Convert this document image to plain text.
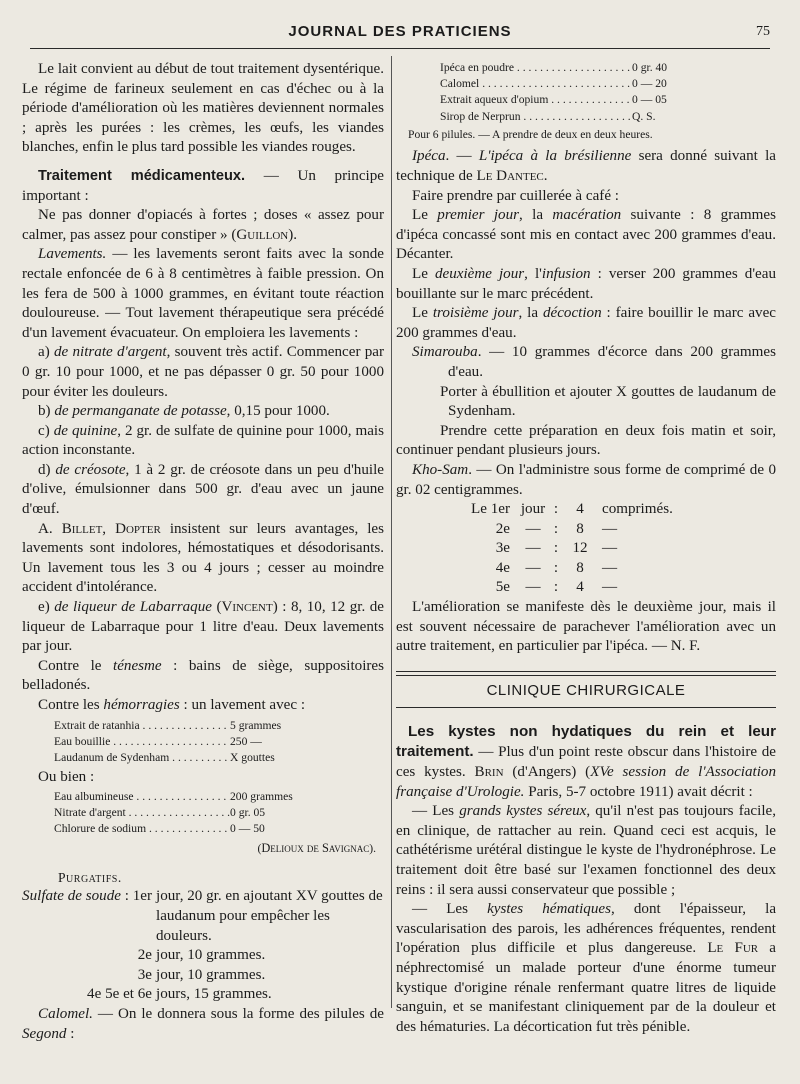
JOURNAL DES PRATICIENS	75

Le lait convient au début de tout traitement dysentérique. Le régime de farineux seulement en cas d'échec ou à la période d'amélioration où les matières deviennent normales ; après les purées : les crèmes, les œufs, les viandes blanches, enfin le plus tard possible les viandes rouges.

Traitement médicamenteux. — Un principe important :

Ne pas donner d'opiacés à fortes ; doses « assez pour calmer, pas assez pour constiper » (Guillon).

Lavements. — les lavements seront faits avec la sonde rectale enfoncée de 6 à 8 centimètres à faible pression. On les fera de 500 à 1000 grammes, en évitant toute réaction douloureuse. — Tout lavement thérapeutique sera précédé d'un lavement évacuateur. On emploiera les lavements :

a) de nitrate d'argent, souvent très actif. Commencer par 0 gr. 10 pour 1000, et ne pas dépasser 0 gr. 50 pour 1000 pour éviter les douleurs.

b) de permanganate de potasse, 0,15 pour 1000.

c) de quinine, 2 gr. de sulfate de quinine pour 1000, mais action inconstante.

d) de créosote, 1 à 2 gr. de créosote dans un peu d'huile d'olive, émulsionner dans 500 gr. d'eau avec un jaune d'œuf.

A. Billet, Dopter insistent sur leurs avantages, les lavements sont indolores, hémostatiques et désodorisants. Un lavement tous les 3 ou 4 jours ; cesser au moindre accident d'intolérance.

e) de liqueur de Labarraque (Vincent) : 8, 10, 12 gr. de liqueur de Labarraque pour 1 litre d'eau. Deux lavements par jour.

Contre le ténesme : bains de siège, suppositoires belladonés.

Contre les hémorragies : un lavement avec :

Extrait de ratanhia . . .	5 grammes
Eau bouillie . . .	250 —
Laudanum de Sydenham . . .	X gouttes
Ou bien :
Eau albumineuse . . .	200 grammes
Nitrate d'argent . . .	0 gr. 05
Chlorure de sodium . . .	0 — 50
(Delioux de Savignac).
Purgatifs.
Sulfate de soude : 1er jour, 20 gr. en ajoutant XV gouttes de laudanum pour empêcher les douleurs.
2e jour, 10 grammes.
3e jour, 10 grammes.
4e 5e et 6e jours, 15 grammes.

Calomel. — On le donnera sous la forme des pilules de Segond :

Ipéca en poudre . . .	0 gr. 40
Calomel . . .	0 — 20
Extrait aqueux d'opium . . .	0 — 05
Sirop de Nerprun . . .	Q. S.
Pour 6 pilules. — A prendre de deux en deux heures.

Ipéca. — L'ipéca à la brésilienne sera donné suivant la technique de Le Dantec.

Faire prendre par cuillerée à café :

Le premier jour, la macération suivante : 8 grammes d'ipéca concassé sont mis en contact avec 200 grammes d'eau. Décanter.

Le deuxième jour, l'infusion : verser 200 grammes d'eau bouillante sur le marc précédent.

Le troisième jour, la décoction : faire bouillir le marc avec 200 grammes d'eau.

Simarouba. — 10 grammes d'écorce dans 200 grammes d'eau.

Porter à ébullition et ajouter X gouttes de laudanum de Sydenham.

Prendre cette préparation en deux fois matin et soir, continuer pendant plusieurs jours.

Kho-Sam. — On l'administre sous forme de comprimé de 0 gr. 02 centigrammes.

Le 1er jour :	4	comprimés.
2e	— :	8	—
3e	— : 12 —
4e	— :	8	—
5e	— :	4	—

L'amélioration se manifeste dès le deuxième jour, mais il est souvent nécessaire de parachever l'amélioration avec un autre traitement, en particulier par l'ipéca. — N. F.

CLINIQUE CHIRURGICALE

Les kystes non hydatiques du rein et leur traitement. — Plus d'un point reste obscur dans l'histoire de ces kystes. Brin (d'Angers) (XVe session de l'Association française d'Urologie. Paris, 5-7 octobre 1911) avait décrit :

— Les grands kystes séreux, qu'il n'est pas toujours facile, en clinique, de rattacher au rein. Quand ceci est acquis, le cathétérisme urétéral distingue le kyste de l'hydronéphrose. Le traitement doit être basé sur l'examen fonctionnel des deux reins : il sera aussi conservateur que possible ;

— Les kystes hématiques, dont l'épaisseur, la vascularisation des parois, les adhérences fréquentes, rendent l'opération plus difficile et plus dangereuse. Le Fur a néphrectomisé un malade porteur d'une énorme tumeur kystique d'origine rénale renfermant quatre litres de liquide sanguin, et se manifestant cliniquement par de la douleur et des hématuries. La décortication fut très pénible.
